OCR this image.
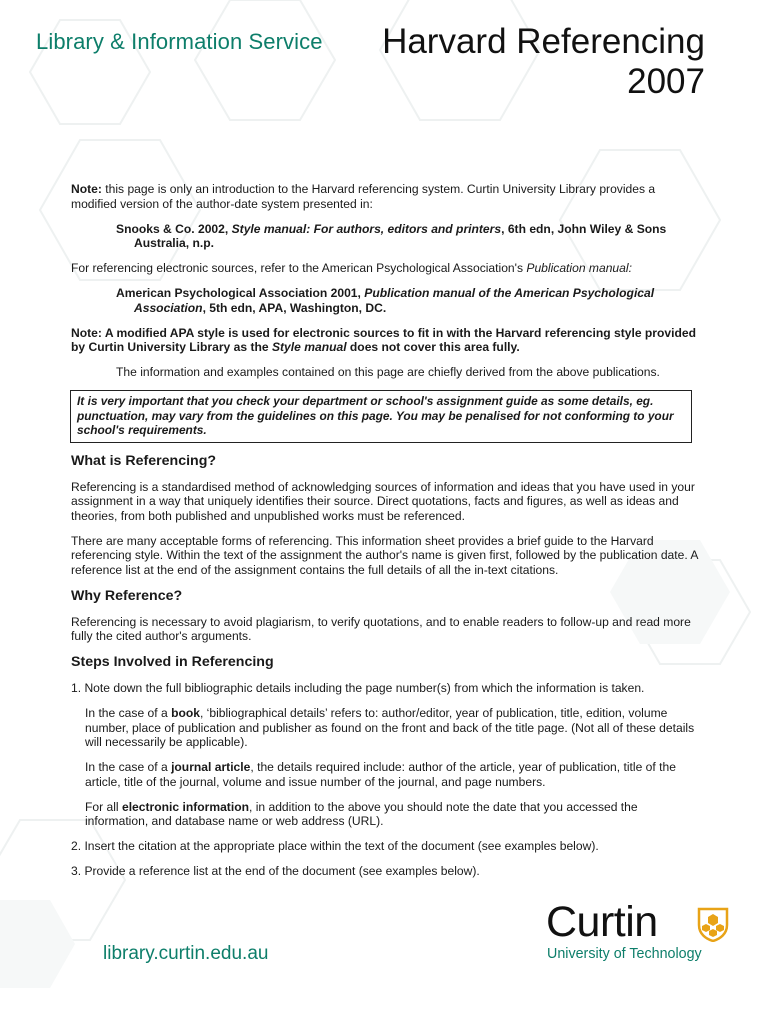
Library & Information Service Harvard Referencing
2007

Note: this page is only an introduction to the Harvard referencing system. Curtin University Library provides a modified version of the author-date system presented in:

Snooks & Co. 2002, Style manual: For authors, editors and printers, 6th edn, John Wiley & Sons Australia, n.p.

For referencing electronic sources, refer to the American Psychological Association's Publication manual:

American Psychological Association 2001, Publication manual of the American Psychological Association, 5th edn, APA, Washington, DC.

Note: A modified APA style is used for electronic sources to fit in with the Harvard referencing style provided by Curtin University Library as the Style manual does not cover this area fully.

The information and examples contained on this page are chiefly derived from the above publications.

It is very important that you check your department or school's assignment guide as some details, eg. punctuation, may vary from the guidelines on this page. You may be penalised for not conforming to your school's requirements.
What is Referencing?

Referencing is a standardised method of acknowledging sources of information and ideas that you have used in your assignment in a way that uniquely identifies their source. Direct quotations, facts and figures, as well as ideas and theories, from both published and unpublished works must be referenced.

There are many acceptable forms of referencing. This information sheet provides a brief guide to the Harvard referencing style. Within the text of the assignment the author's name is given first, followed by the publication date. A reference list at the end of the assignment contains the full details of all the in-text citations.

Why Reference?

Referencing is necessary to avoid plagiarism, to verify quotations, and to enable readers to follow-up and read more fully the cited author's arguments.

Steps Involved in Referencing

1. Note down the full bibliographic details including the page number(s) from which the information is taken.

In the case of a book, ‘bibliographical details’ refers to: author/editor, year of publication, title, edition, volume number, place of publication and publisher as found on the front and back of the title page. (Not all of these details will necessarily be applicable).

In the case of a journal article, the details required include: author of the article, year of publication, title of the article, title of the journal, volume and issue number of the journal, and page numbers.

For all electronic information, in addition to the above you should note the date that you accessed the information, and database name or web address (URL).

2. Insert the citation at the appropriate place within the text of the document (see examples below).

3. Provide a reference list at the end of the document (see examples below).

library.curtin.edu.au
Curtin
University of Technology
